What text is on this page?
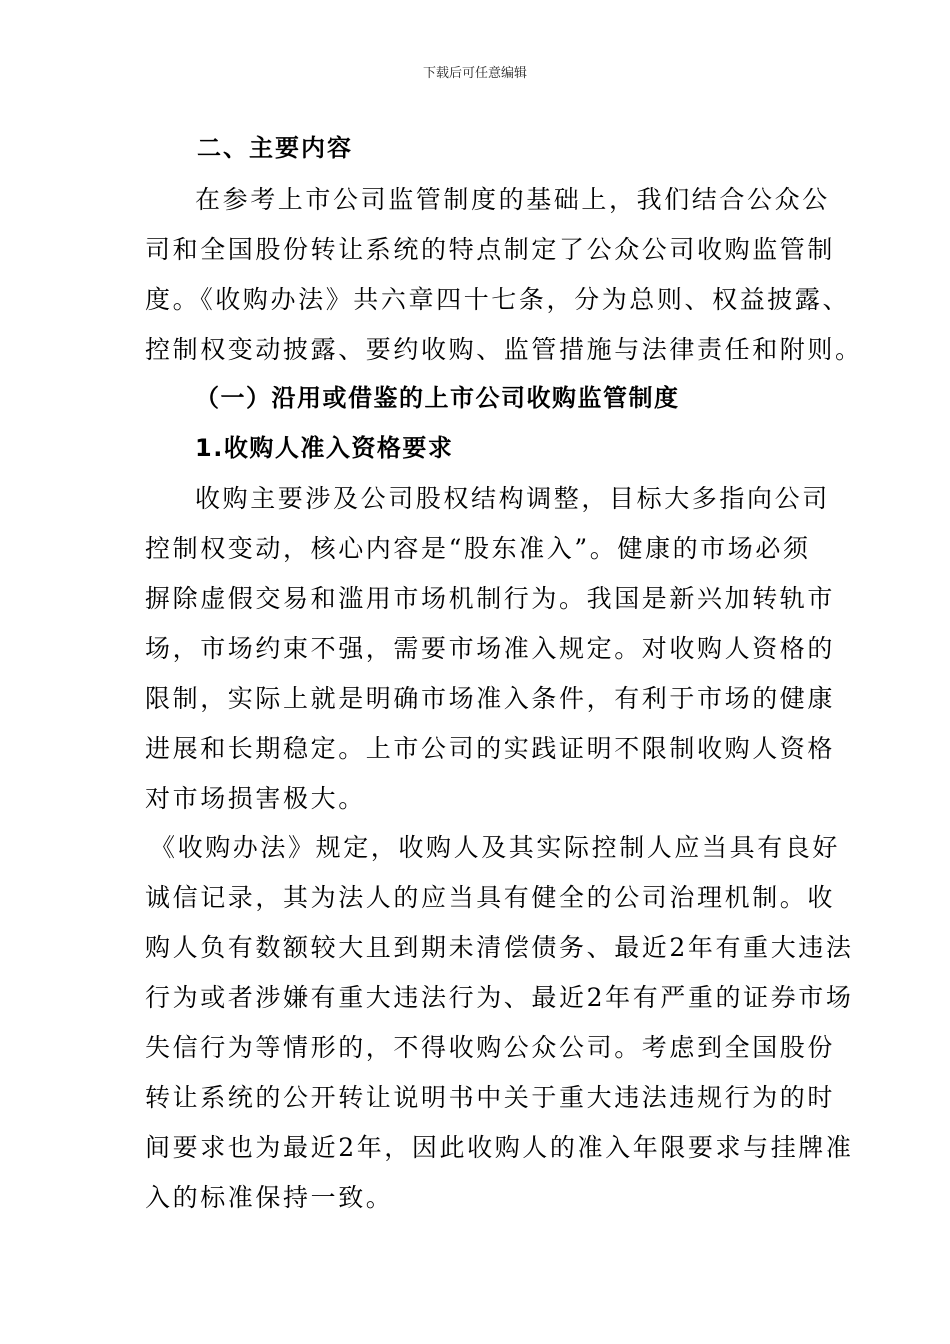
下载后可任意编辑
二、主要内容
在参考上市公司监管制度的基础上，我们结合公众公
司和全国股份转让系统的特点制定了公众公司收购监管制
度。《收购办法》共六章四十七条，分为总则、权益披露、
控制权变动披露、要约收购、监管措施与法律责任和附则。
（一）沿用或借鉴的上市公司收购监管制度
1.收购人准入资格要求
收购主要涉及公司股权结构调整，目标大多指向公司
控制权变动，核心内容是“股东准入”。健康的市场必须
摒除虚假交易和滥用市场机制行为。我国是新兴加转轨市
场，市场约束不强，需要市场准入规定。对收购人资格的
限制，实际上就是明确市场准入条件，有利于市场的健康
进展和长期稳定。上市公司的实践证明不限制收购人资格
对市场损害极大。
《收购办法》规定，收购人及其实际控制人应当具有良好
诚信记录，其为法人的应当具有健全的公司治理机制。收
购人负有数额较大且到期未清偿债务、最近2年有重大违法
行为或者涉嫌有重大违法行为、最近2年有严重的证券市场
失信行为等情形的，不得收购公众公司。考虑到全国股份
转让系统的公开转让说明书中关于重大违法违规行为的时
间要求也为最近2年，因此收购人的准入年限要求与挂牌准
入的标准保持一致。
